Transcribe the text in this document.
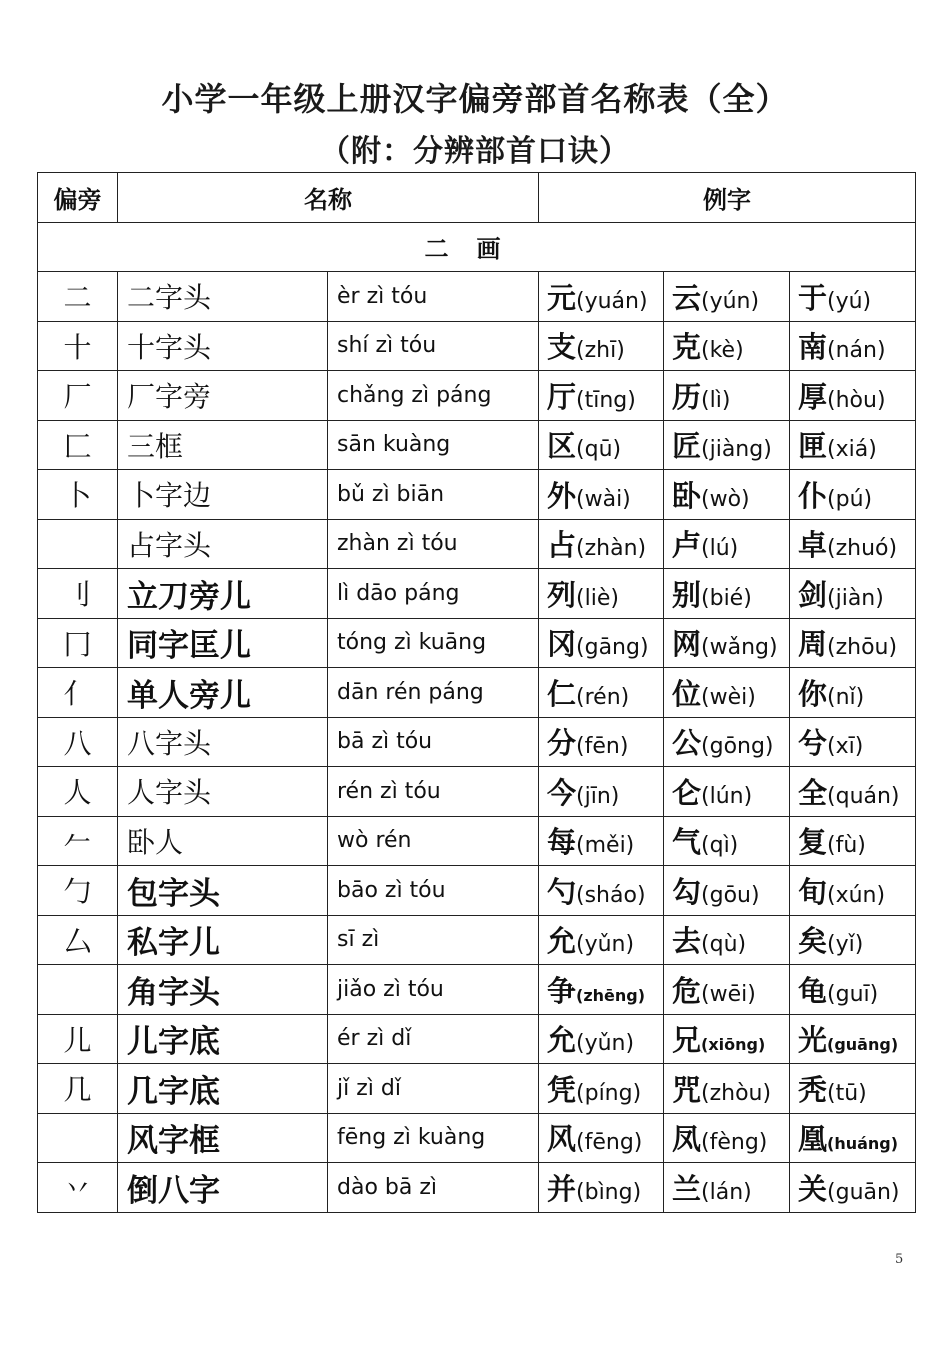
小学一年级上册汉字偏旁部首名称表（全）
（附：分辨部首口诀）
偏旁	名称		例字		
二画					
二	二字头	èr zì tóu	元(yuán)	云(yún)	于(yú)
十	十字头	shí zì tóu	支(zhī)	克(kè)	南(nán)
厂	厂字旁	chǎng zì páng	厅(tīng)	历(lì)	厚(hòu)
匚	三框	sān kuàng	区(qū)	匠(jiàng)	匣(xiá)
卜	卜字边	bǔ zì biān	外(wài)	卧(wò)	仆(pú)
	占字头	zhàn zì tóu	占(zhàn)	卢(lú)	卓(zhuó)
刂	立刀旁儿	lì dāo páng	列(liè)	别(bié)	剑(jiàn)
冂	同字匡儿	tóng zì kuāng	冈(gāng)	网(wǎng)	周(zhōu)
亻	单人旁儿	dān rén páng	仁(rén)	位(wèi)	你(nǐ)
八	八字头	bā zì tóu	分(fēn)	公(gōng)	兮(xī)
人	人字头	rén zì tóu	今(jīn)	仑(lún)	全(quán)
𠂉	卧人	wò rén	每(měi)	气(qì)	复(fù)
勹	包字头	bāo zì tóu	勺(sháo)	勾(gōu)	旬(xún)
厶	私字儿	sī zì	允(yǔn)	去(qù)	矣(yǐ)
	角字头	jiǎo zì tóu	争(zhēng)	危(wēi)	龟(guī)
儿	儿字底	ér zì dǐ	允(yǔn)	兄(xiōng)	光(guāng)
几	几字底	jǐ zì dǐ	凭(píng)	咒(zhòu)	秃(tū)
	风字框	fēng zì kuàng	风(fēng)	凤(fèng)	凰(huáng)
丷	倒八字	dào bā zì	并(bìng)	兰(lán)	关(guān)
5
